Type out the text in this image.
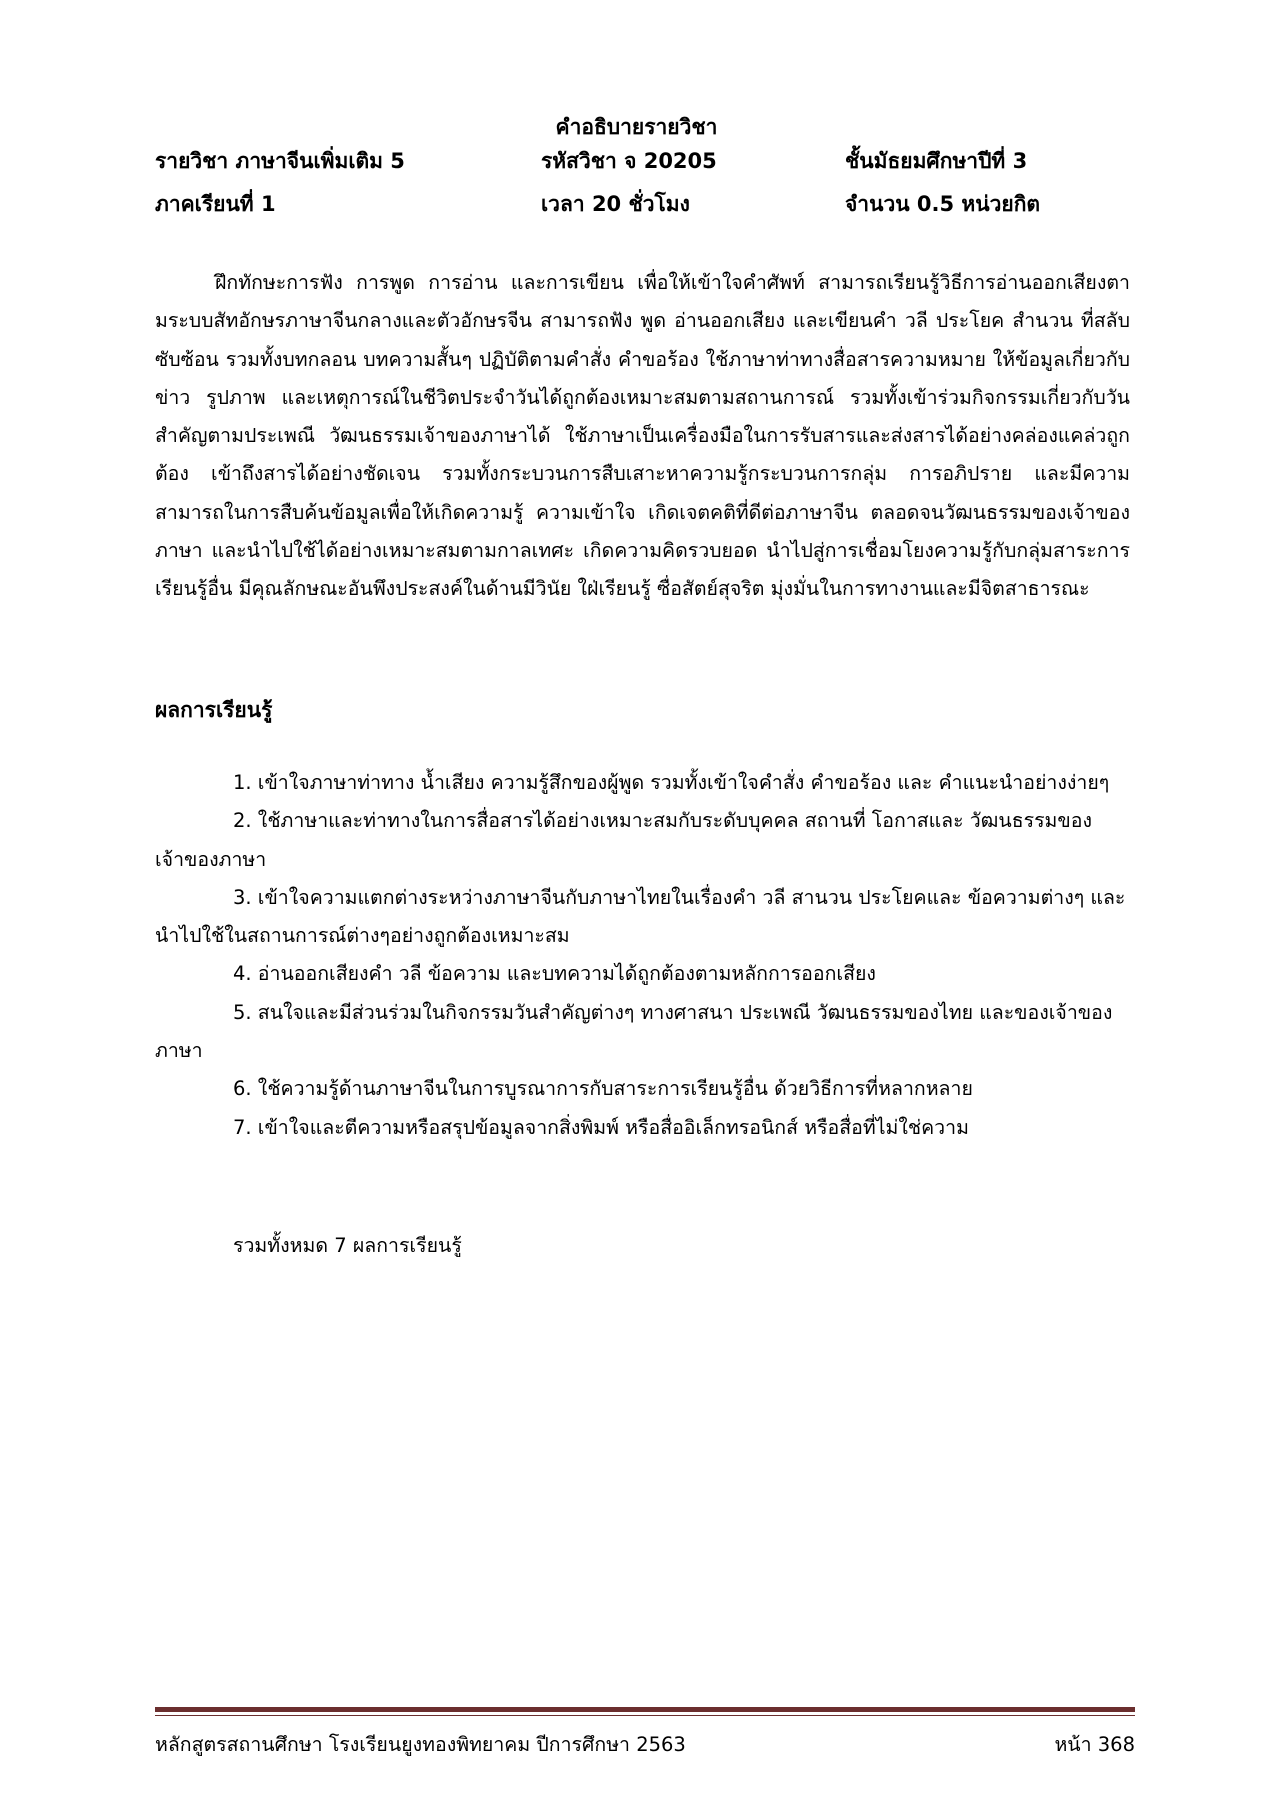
คำอธิบายรายวิชา
รายวิชา ภาษาจีนเพิ่มเติม 5	รหัสวิชา จ 20205	ชั้นมัธยมศึกษาปีที่ 3
ภาคเรียนที่ 1	เวลา 20 ชั่วโมง	จำนวน 0.5 หน่วยกิต

ฝึกทักษะการฟัง การพูด การอ่าน และการเขียน เพื่อให้เข้าใจคำศัพท์ สามารถเรียนรู้วิธีการอ่านออกเสียงตามระบบสัทอักษรภาษาจีนกลางและตัวอักษรจีน สามารถฟัง พูด อ่านออกเสียง และเขียนคำ วลี ประโยค สำนวน ที่สลับซับซ้อน รวมทั้งบทกลอน บทความสั้นๆ ปฏิบัติตามคำสั่ง คำขอร้อง ใช้ภาษาท่าทางสื่อสารความหมาย ให้ข้อมูลเกี่ยวกับข่าว รูปภาพ และเหตุการณ์ในชีวิตประจำวันได้ถูกต้องเหมาะสมตามสถานการณ์ รวมทั้งเข้าร่วมกิจกรรมเกี่ยวกับวันสำคัญตามประเพณี วัฒนธรรมเจ้าของภาษาได้ ใช้ภาษาเป็นเครื่องมือในการรับสารและส่งสารได้อย่างคล่องแคล่วถูกต้อง เข้าถึงสารได้อย่างชัดเจน รวมทั้งกระบวนการสืบเสาะหาความรู้กระบวนการกลุ่ม การอภิปราย และมีความสามารถในการสืบค้นข้อมูลเพื่อให้เกิดความรู้ ความเข้าใจ เกิดเจตคติที่ดีต่อภาษาจีน ตลอดจนวัฒนธรรมของเจ้าของภาษา และนำไปใช้ได้อย่างเหมาะสมตามกาลเทศะ เกิดความคิดรวบยอด นำไปสู่การเชื่อมโยงความรู้กับกลุ่มสาระการเรียนรู้อื่น มีคุณลักษณะอันพึงประสงค์ในด้านมีวินัย ใฝ่เรียนรู้ ซื่อสัตย์สุจริต มุ่งมั่นในการทางานและมีจิตสาธารณะ

ผลการเรียนรู้
1. เข้าใจภาษาท่าทาง น้ำเสียง ความรู้สึกของผู้พูด รวมทั้งเข้าใจคำสั่ง คำขอร้อง และ คำแนะนำอย่างง่ายๆ
2. ใช้ภาษาและท่าทางในการสื่อสารได้อย่างเหมาะสมกับระดับบุคคล สถานที่ โอกาสและ วัฒนธรรมของเจ้าของภาษา
3. เข้าใจความแตกต่างระหว่างภาษาจีนกับภาษาไทยในเรื่องคำ วลี สานวน ประโยคและ ข้อความต่างๆ และนำไปใช้ในสถานการณ์ต่างๆอย่างถูกต้องเหมาะสม
4. อ่านออกเสียงคำ วลี ข้อความ และบทความได้ถูกต้องตามหลักการออกเสียง
5. สนใจและมีส่วนร่วมในกิจกรรมวันสำคัญต่างๆ ทางศาสนา ประเพณี วัฒนธรรมของไทย และของเจ้าของภาษา
6. ใช้ความรู้ด้านภาษาจีนในการบูรณาการกับสาระการเรียนรู้อื่น ด้วยวิธีการที่หลากหลาย
7. เข้าใจและตีความหรือสรุปข้อมูลจากสิ่งพิมพ์ หรือสื่ออิเล็กทรอนิกส์ หรือสื่อที่ไม่ใช่ความ
รวมทั้งหมด 7 ผลการเรียนรู้
หลักสูตรสถานศึกษา โรงเรียนยูงทองพิทยาคม ปีการศึกษา 2563	หน้า 368
